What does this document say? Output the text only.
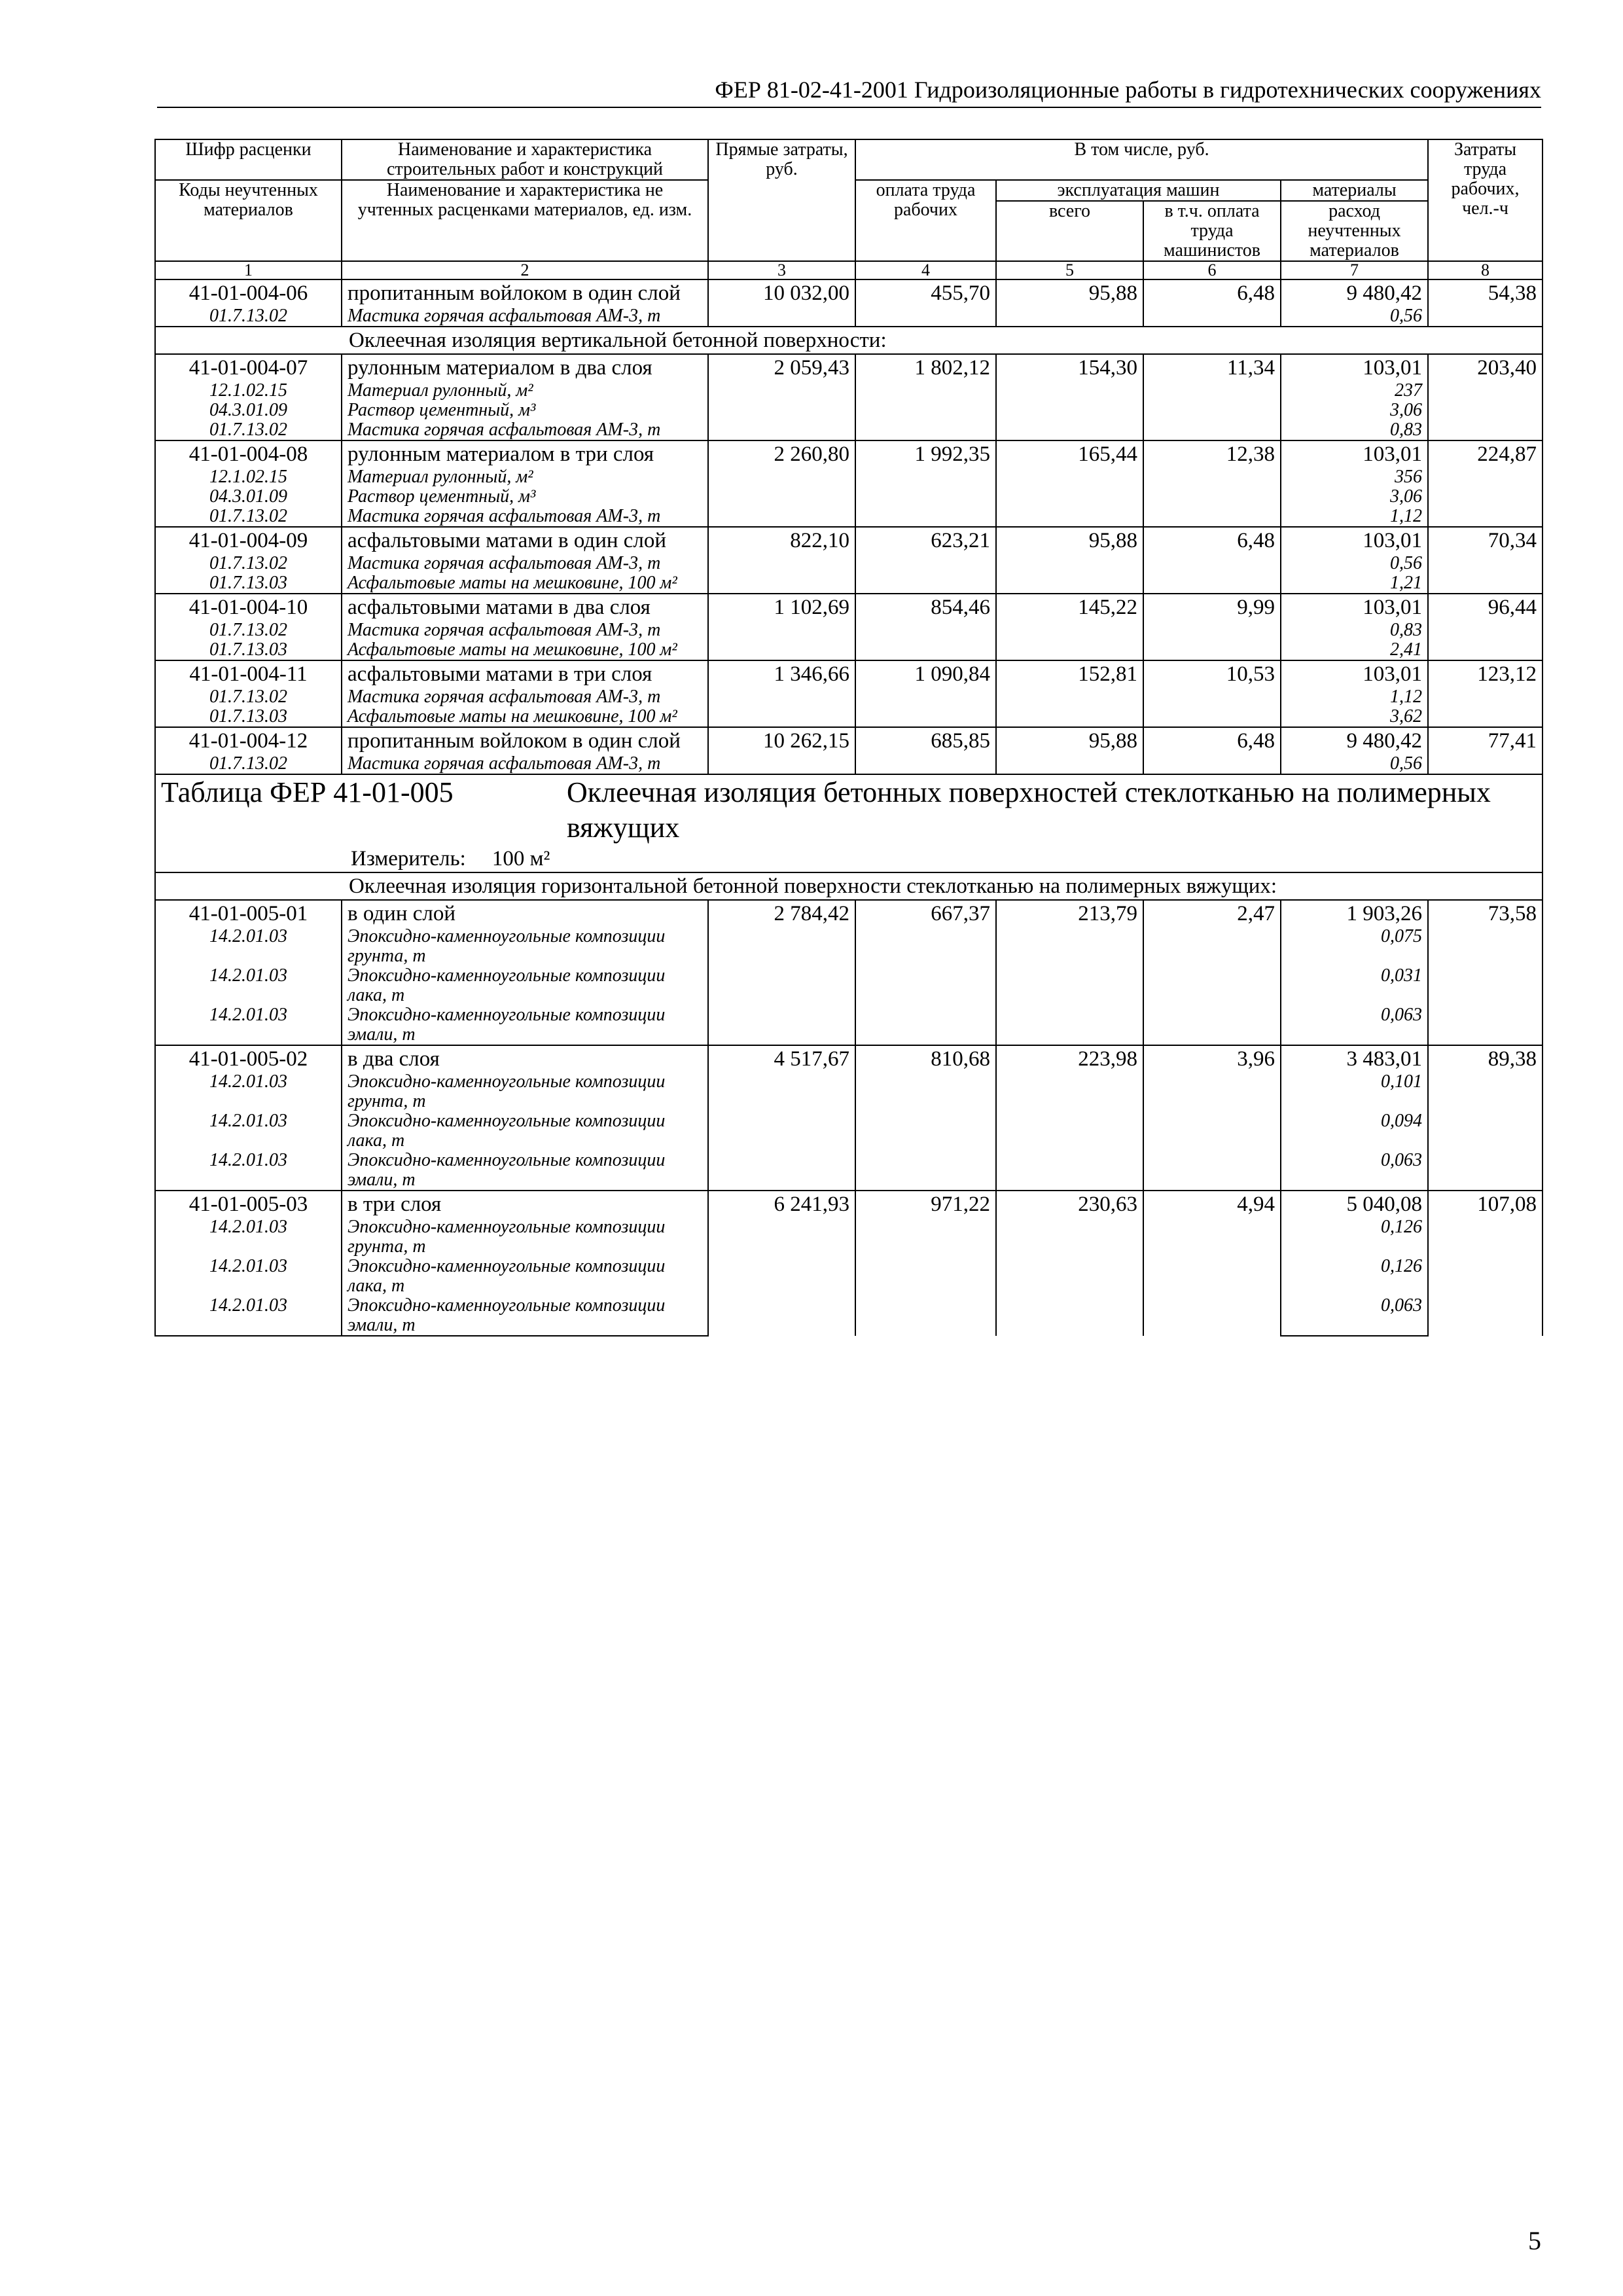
ФЕР 81-02-41-2001 Гидроизоляционные работы в гидротехнических сооружениях
Шифр расценки	Наименование и характеристика строительных работ и конструкций	Прямые затраты, руб.	В том числе, руб.				Затраты труда рабочих, чел.-ч
Коды неучтенных материалов	Наименование и характеристика не учтенных расценками материалов, ед. изм.		оплата труда рабочих	эксплуатация машин		материалы	
				всего	в т.ч. оплата труда машинистов	расход неучтенных материалов	
1	2	3	4	5	6	7	8
41-01-004-06	пропитанным войлоком в один слой	10 032,00	455,70	95,88	6,48	9 480,42	54,38
01.7.13.02	Мастика горячая асфальтовая АМ-3, т					0,56	
Оклеечная изоляция вертикальной бетонной поверхности:							
41-01-004-07	рулонным материалом в два слоя	2 059,43	1 802,12	154,30	11,34	103,01	203,40
12.1.02.15	Материал рулонный, м²					237	
04.3.01.09	Раствор цементный, м³					3,06	
01.7.13.02	Мастика горячая асфальтовая АМ-3, т					0,83	
41-01-004-08	рулонным материалом в три слоя	2 260,80	1 992,35	165,44	12,38	103,01	224,87
12.1.02.15	Материал рулонный, м²					356	
04.3.01.09	Раствор цементный, м³					3,06	
01.7.13.02	Мастика горячая асфальтовая АМ-3, т					1,12	
41-01-004-09	асфальтовыми матами в один слой	822,10	623,21	95,88	6,48	103,01	70,34
01.7.13.02	Мастика горячая асфальтовая АМ-3, т					0,56	
01.7.13.03	Асфальтовые маты на мешковине, 100 м²					1,21	
41-01-004-10	асфальтовыми матами в два слоя	1 102,69	854,46	145,22	9,99	103,01	96,44
01.7.13.02	Мастика горячая асфальтовая АМ-3, т					0,83	
01.7.13.03	Асфальтовые маты на мешковине, 100 м²					2,41	
41-01-004-11	асфальтовыми матами в три слоя	1 346,66	1 090,84	152,81	10,53	103,01	123,12
01.7.13.02	Мастика горячая асфальтовая АМ-3, т					1,12	
01.7.13.03	Асфальтовые маты на мешковине, 100 м²					3,62	
41-01-004-12	пропитанным войлоком в один слой	10 262,15	685,85	95,88	6,48	9 480,42	77,41
01.7.13.02	Мастика горячая асфальтовая АМ-3, т					0,56	
Таблица ФЕР 41-01-005 Оклеечная изоляция бетонных поверхностей стеклотканью на полимерных вяжущих
Измеритель: 100 м²							

Оклеечная изоляция горизонтальной бетонной поверхности стеклотканью на полимерных вяжущих:							
41-01-005-01	в один слой	2 784,42	667,37	213,79	2,47	1 903,26	73,58
14.2.01.03	Эпоксидно-каменноугольные композиции грунта, т					0,075	
14.2.01.03	Эпоксидно-каменноугольные композиции лака, т					0,031	
14.2.01.03	Эпоксидно-каменноугольные композиции эмали, т					0,063	
41-01-005-02	в два слоя	4 517,67	810,68	223,98	3,96	3 483,01	89,38
14.2.01.03	Эпоксидно-каменноугольные композиции грунта, т					0,101	
14.2.01.03	Эпоксидно-каменноугольные композиции лака, т					0,094	
14.2.01.03	Эпоксидно-каменноугольные композиции эмали, т					0,063	
41-01-005-03	в три слоя	6 241,93	971,22	230,63	4,94	5 040,08	107,08
14.2.01.03	Эпоксидно-каменноугольные композиции грунта, т					0,126	
14.2.01.03	Эпоксидно-каменноугольные композиции лака, т					0,126	
14.2.01.03	Эпоксидно-каменноугольные композиции эмали, т					0,063	
5
